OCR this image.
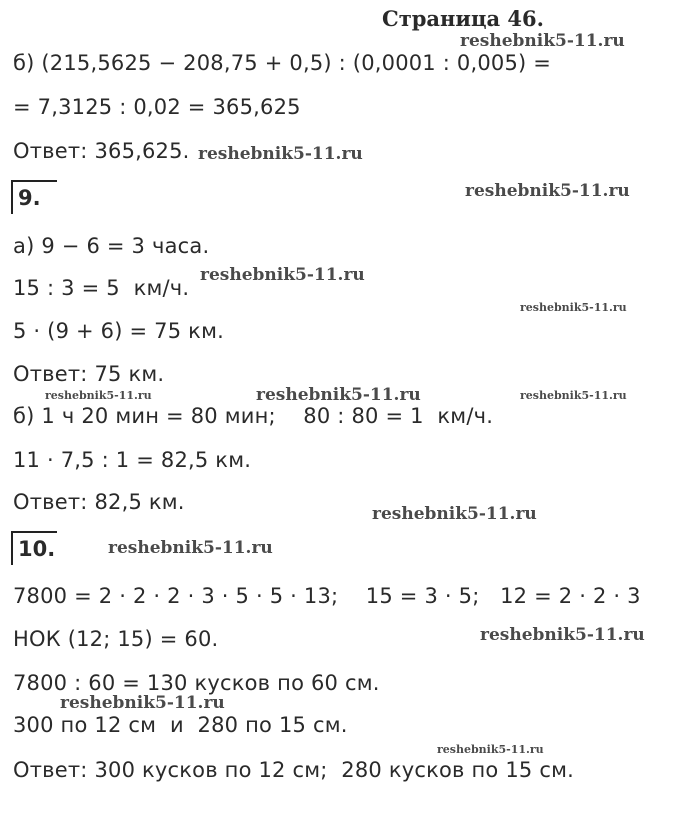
Страница 46.
б) (215,5625 − 208,75 + 0,5) : (0,0001 : 0,005) =
= 7,3125 : 0,02 = 365,625
Ответ: 365,625.
9.
а) 9 − 6 = 3 часа.
15 : 3 = 5  км/ч.
5 · (9 + 6) = 75 км.
Ответ: 75 км.
б) 1 ч 20 мин = 80 мин;    80 : 80 = 1  км/ч.
11 · 7,5 : 1 = 82,5 км.
Ответ: 82,5 км.
10.
7800 = 2 · 2 · 2 · 3 · 5 · 5 · 13;    15 = 3 · 5;   12 = 2 · 2 · 3
НОК (12; 15) = 60.
7800 : 60 = 130 кусков по 60 см.
300 по 12 см  и  280 по 15 см.
Ответ: 300 кусков по 12 см;  280 кусков по 15 см.
reshebnik5-11.ru
reshebnik5-11.ru
reshebnik5-11.ru
reshebnik5-11.ru
reshebnik5-11.ru
reshebnik5-11.ru	reshebnik5-11.ru	reshebnik5-11.ru
reshebnik5-11.ru
reshebnik5-11.ru
reshebnik5-11.ru
reshebnik5-11.ru
reshebnik5-11.ru
